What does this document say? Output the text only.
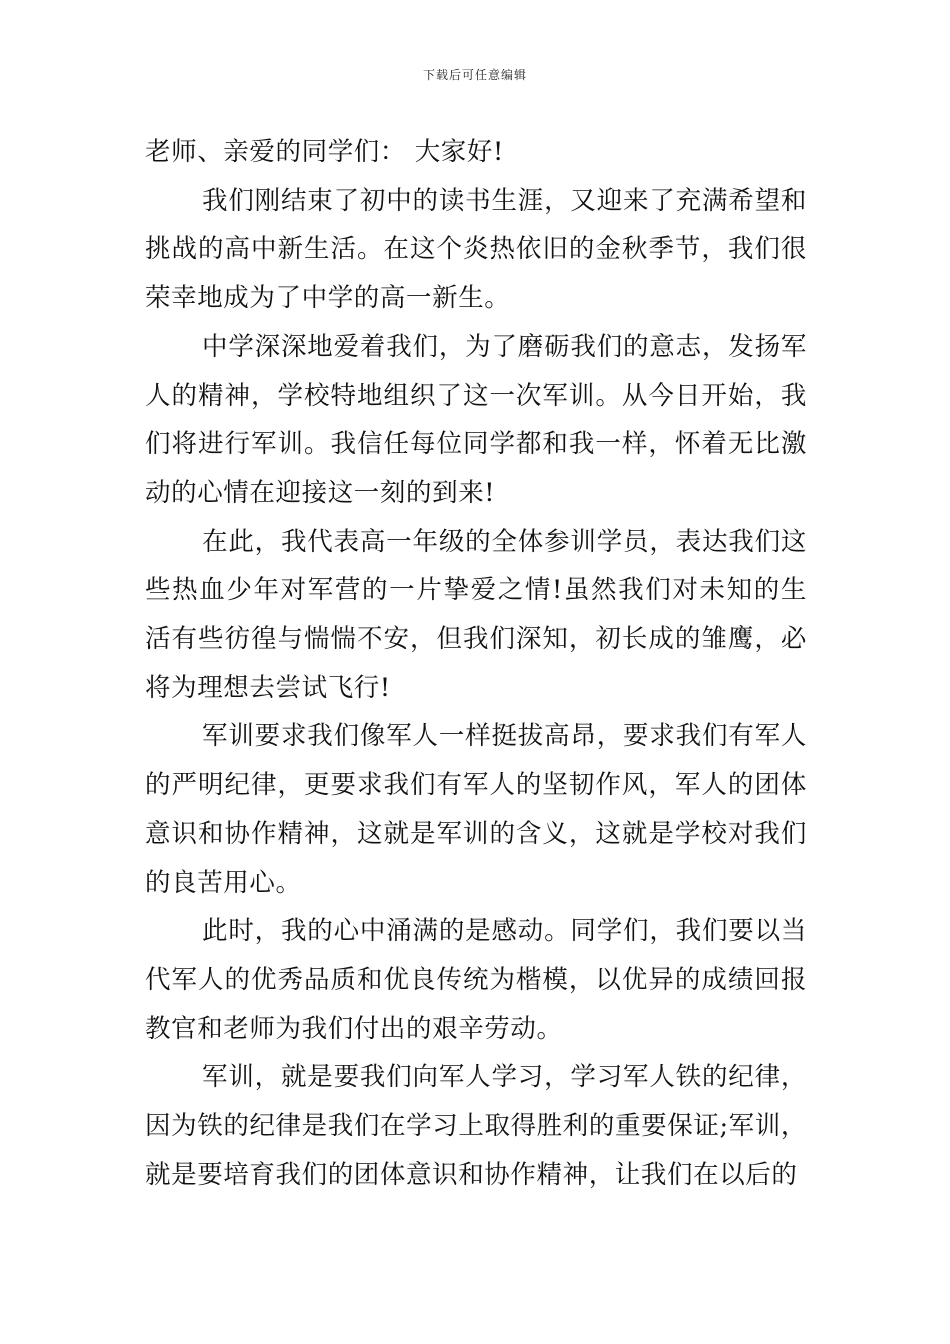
下载后可任意编辑

老师、亲爱的同学们： 大家好!

我们刚结束了初中的读书生涯，又迎来了充满希望和挑战的高中新生活。在这个炎热依旧的金秋季节，我们很荣幸地成为了中学的高一新生。

中学深深地爱着我们，为了磨砺我们的意志，发扬军人的精神，学校特地组织了这一次军训。从今日开始，我们将进行军训。我信任每位同学都和我一样，怀着无比激动的心情在迎接这一刻的到来!

在此，我代表高一年级的全体参训学员，表达我们这些热血少年对军营的一片挚爱之情!虽然我们对未知的生活有些彷徨与惴惴不安，但我们深知，初长成的雏鹰，必将为理想去尝试飞行!

军训要求我们像军人一样挺拔高昂，要求我们有军人的严明纪律，更要求我们有军人的坚韧作风，军人的团体意识和协作精神，这就是军训的含义，这就是学校对我们的良苦用心。

此时，我的心中涌满的是感动。同学们，我们要以当代军人的优秀品质和优良传统为楷模，以优异的成绩回报教官和老师为我们付出的艰辛劳动。

军训，就是要我们向军人学习，学习军人铁的纪律，因为铁的纪律是我们在学习上取得胜利的重要保证;军训，就是要培育我们的团体意识和协作精神，让我们在以后的
